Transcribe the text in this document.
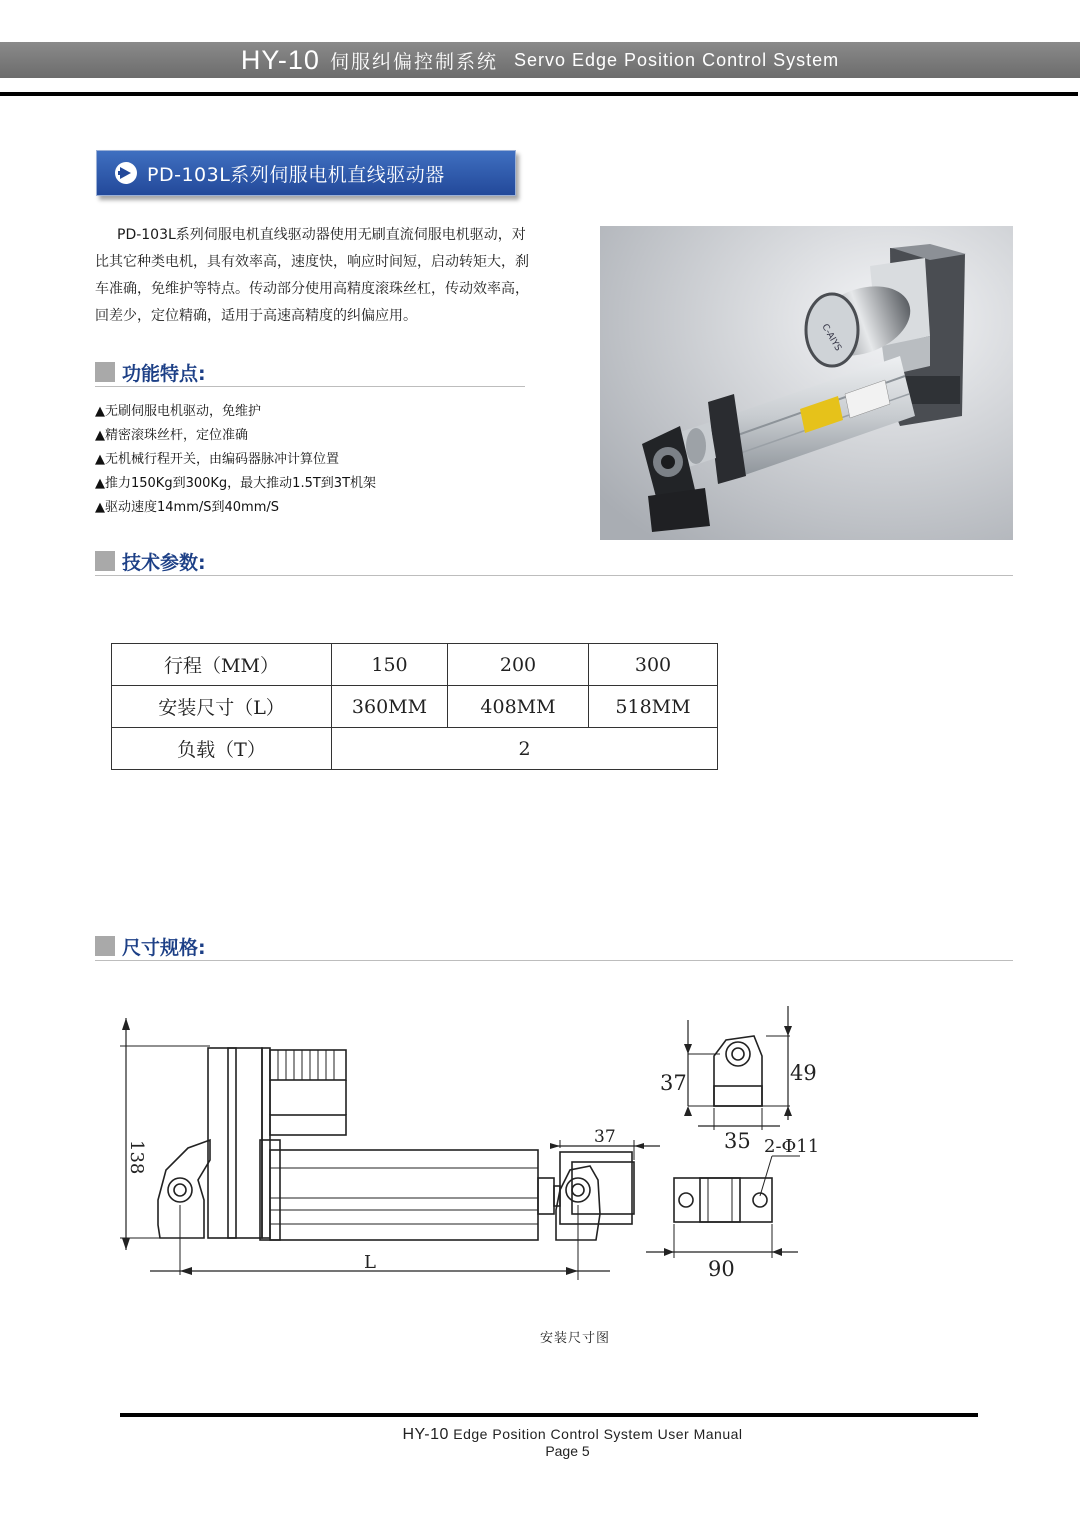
HY-10 伺服纠偏控制系统 Servo Edge Position Control System
PD-103L系列伺服电机直线驱动器

PD-103L系列伺服电机直线驱动器使用无刷直流伺服电机驱动，对比其它种类电机，具有效率高，速度快，响应时间短，启动转矩大，刹车准确，免维护等特点。传动部分使用高精度滚珠丝杠，传动效率高，回差少，定位精确，适用于高速高精度的纠偏应用。

C-AIYS
功能特点:
▲无刷伺服电机驱动，免维护
▲精密滚珠丝杆，定位准确
▲无机械行程开关，由编码器脉冲计算位置
▲推力150Kg到300Kg，最大推动1.5T到3T机架
▲驱动速度14mm/S到40mm/S
技术参数:
行程（MM）	150	200	300
安装尺寸（L）	360MM	408MM	518MM
负载（T）	2		
尺寸规格:
138
37
L
37	49
35 2-Φ11
90
安装尺寸图
HY-10 Edge Position Control System User Manual
Page 5
